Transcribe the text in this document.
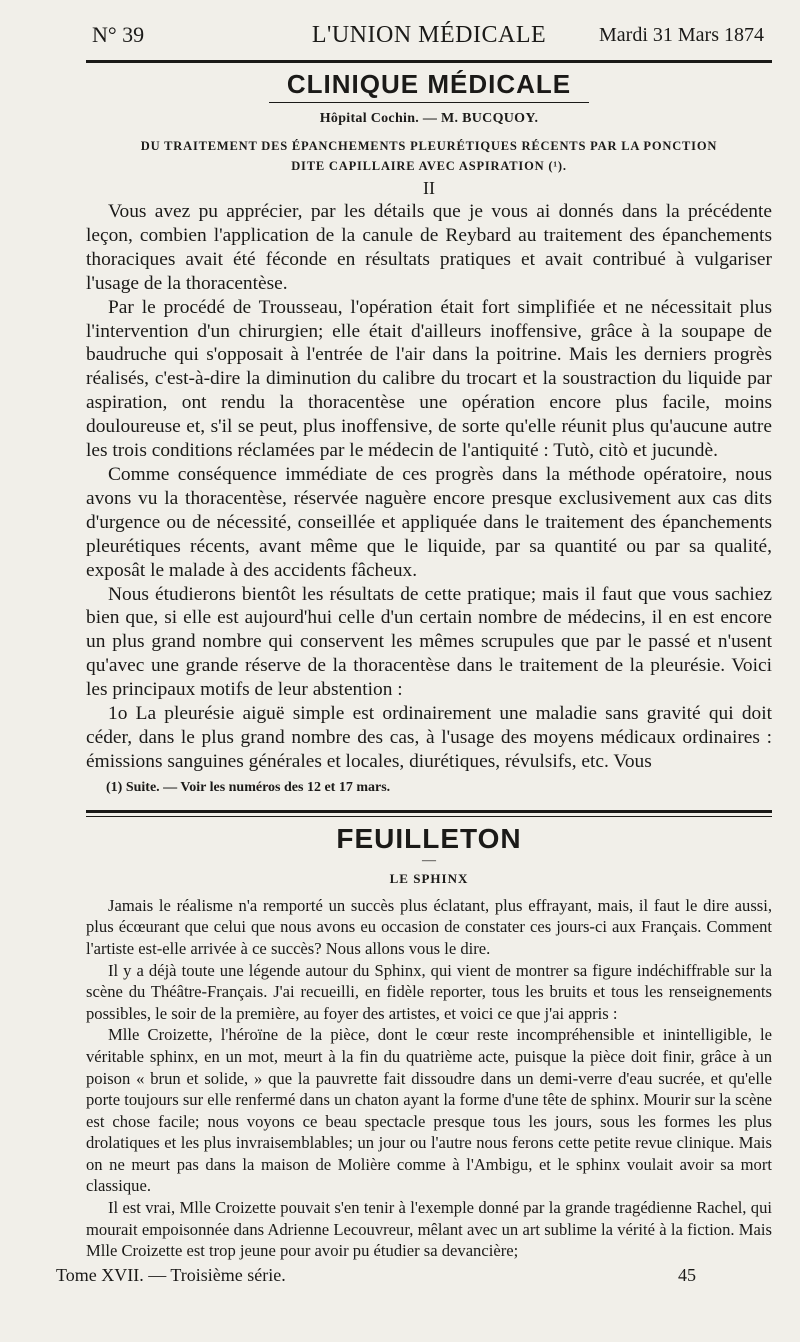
N° 39	L'UNION MÉDICALE	Mardi 31 Mars 1874
CLINIQUE MÉDICALE
Hôpital Cochin. — M. BUCQUOY.
DU TRAITEMENT DES ÉPANCHEMENTS PLEURÉTIQUES RÉCENTS PAR LA PONCTION
DITE CAPILLAIRE AVEC ASPIRATION (¹).
II

Vous avez pu apprécier, par les détails que je vous ai donnés dans la précédente leçon, combien l'application de la canule de Reybard au traitement des épanchements thoraciques avait été féconde en résultats pratiques et avait contribué à vulgariser l'usage de la thoracentèse.

Par le procédé de Trousseau, l'opération était fort simplifiée et ne nécessitait plus l'intervention d'un chirurgien; elle était d'ailleurs inoffensive, grâce à la soupape de baudruche qui s'opposait à l'entrée de l'air dans la poitrine. Mais les derniers progrès réalisés, c'est-à-dire la diminution du calibre du trocart et la soustraction du liquide par aspiration, ont rendu la thoracentèse une opération encore plus facile, moins douloureuse et, s'il se peut, plus inoffensive, de sorte qu'elle réunit plus qu'aucune autre les trois conditions réclamées par le médecin de l'antiquité : Tutò, citò et jucundè.

Comme conséquence immédiate de ces progrès dans la méthode opératoire, nous avons vu la thoracentèse, réservée naguère encore presque exclusivement aux cas dits d'urgence ou de nécessité, conseillée et appliquée dans le traitement des épanchements pleurétiques récents, avant même que le liquide, par sa quantité ou par sa qualité, exposât le malade à des accidents fâcheux.

Nous étudierons bientôt les résultats de cette pratique; mais il faut que vous sachiez bien que, si elle est aujourd'hui celle d'un certain nombre de médecins, il en est encore un plus grand nombre qui conservent les mêmes scrupules que par le passé et n'usent qu'avec une grande réserve de la thoracentèse dans le traitement de la pleurésie. Voici les principaux motifs de leur abstention :

1o La pleurésie aiguë simple est ordinairement une maladie sans gravité qui doit céder, dans le plus grand nombre des cas, à l'usage des moyens médicaux ordinaires : émissions sanguines générales et locales, diurétiques, révulsifs, etc. Vous

(1) Suite. — Voir les numéros des 12 et 17 mars.
FEUILLETON
—
LE SPHINX

Jamais le réalisme n'a remporté un succès plus éclatant, plus effrayant, mais, il faut le dire aussi, plus écœurant que celui que nous avons eu occasion de constater ces jours-ci aux Français. Comment l'artiste est-elle arrivée à ce succès? Nous allons vous le dire.

Il y a déjà toute une légende autour du Sphinx, qui vient de montrer sa figure indéchiffrable sur la scène du Théâtre-Français. J'ai recueilli, en fidèle reporter, tous les bruits et tous les renseignements possibles, le soir de la première, au foyer des artistes, et voici ce que j'ai appris :

Mlle Croizette, l'héroïne de la pièce, dont le cœur reste incompréhensible et inintelligible, le véritable sphinx, en un mot, meurt à la fin du quatrième acte, puisque la pièce doit finir, grâce à un poison « brun et solide, » que la pauvrette fait dissoudre dans un demi-verre d'eau sucrée, et qu'elle porte toujours sur elle renfermé dans un chaton ayant la forme d'une tête de sphinx. Mourir sur la scène est chose facile; nous voyons ce beau spectacle presque tous les jours, sous les formes les plus drolatiques et les plus invraisemblables; un jour ou l'autre nous ferons cette petite revue clinique. Mais on ne meurt pas dans la maison de Molière comme à l'Ambigu, et le sphinx voulait avoir sa mort classique.

Il est vrai, Mlle Croizette pouvait s'en tenir à l'exemple donné par la grande tragédienne Rachel, qui mourait empoisonnée dans Adrienne Lecouvreur, mêlant avec un art sublime la vérité à la fiction. Mais Mlle Croizette est trop jeune pour avoir pu étudier sa devancière;

Tome XVII. — Troisième série.	45
